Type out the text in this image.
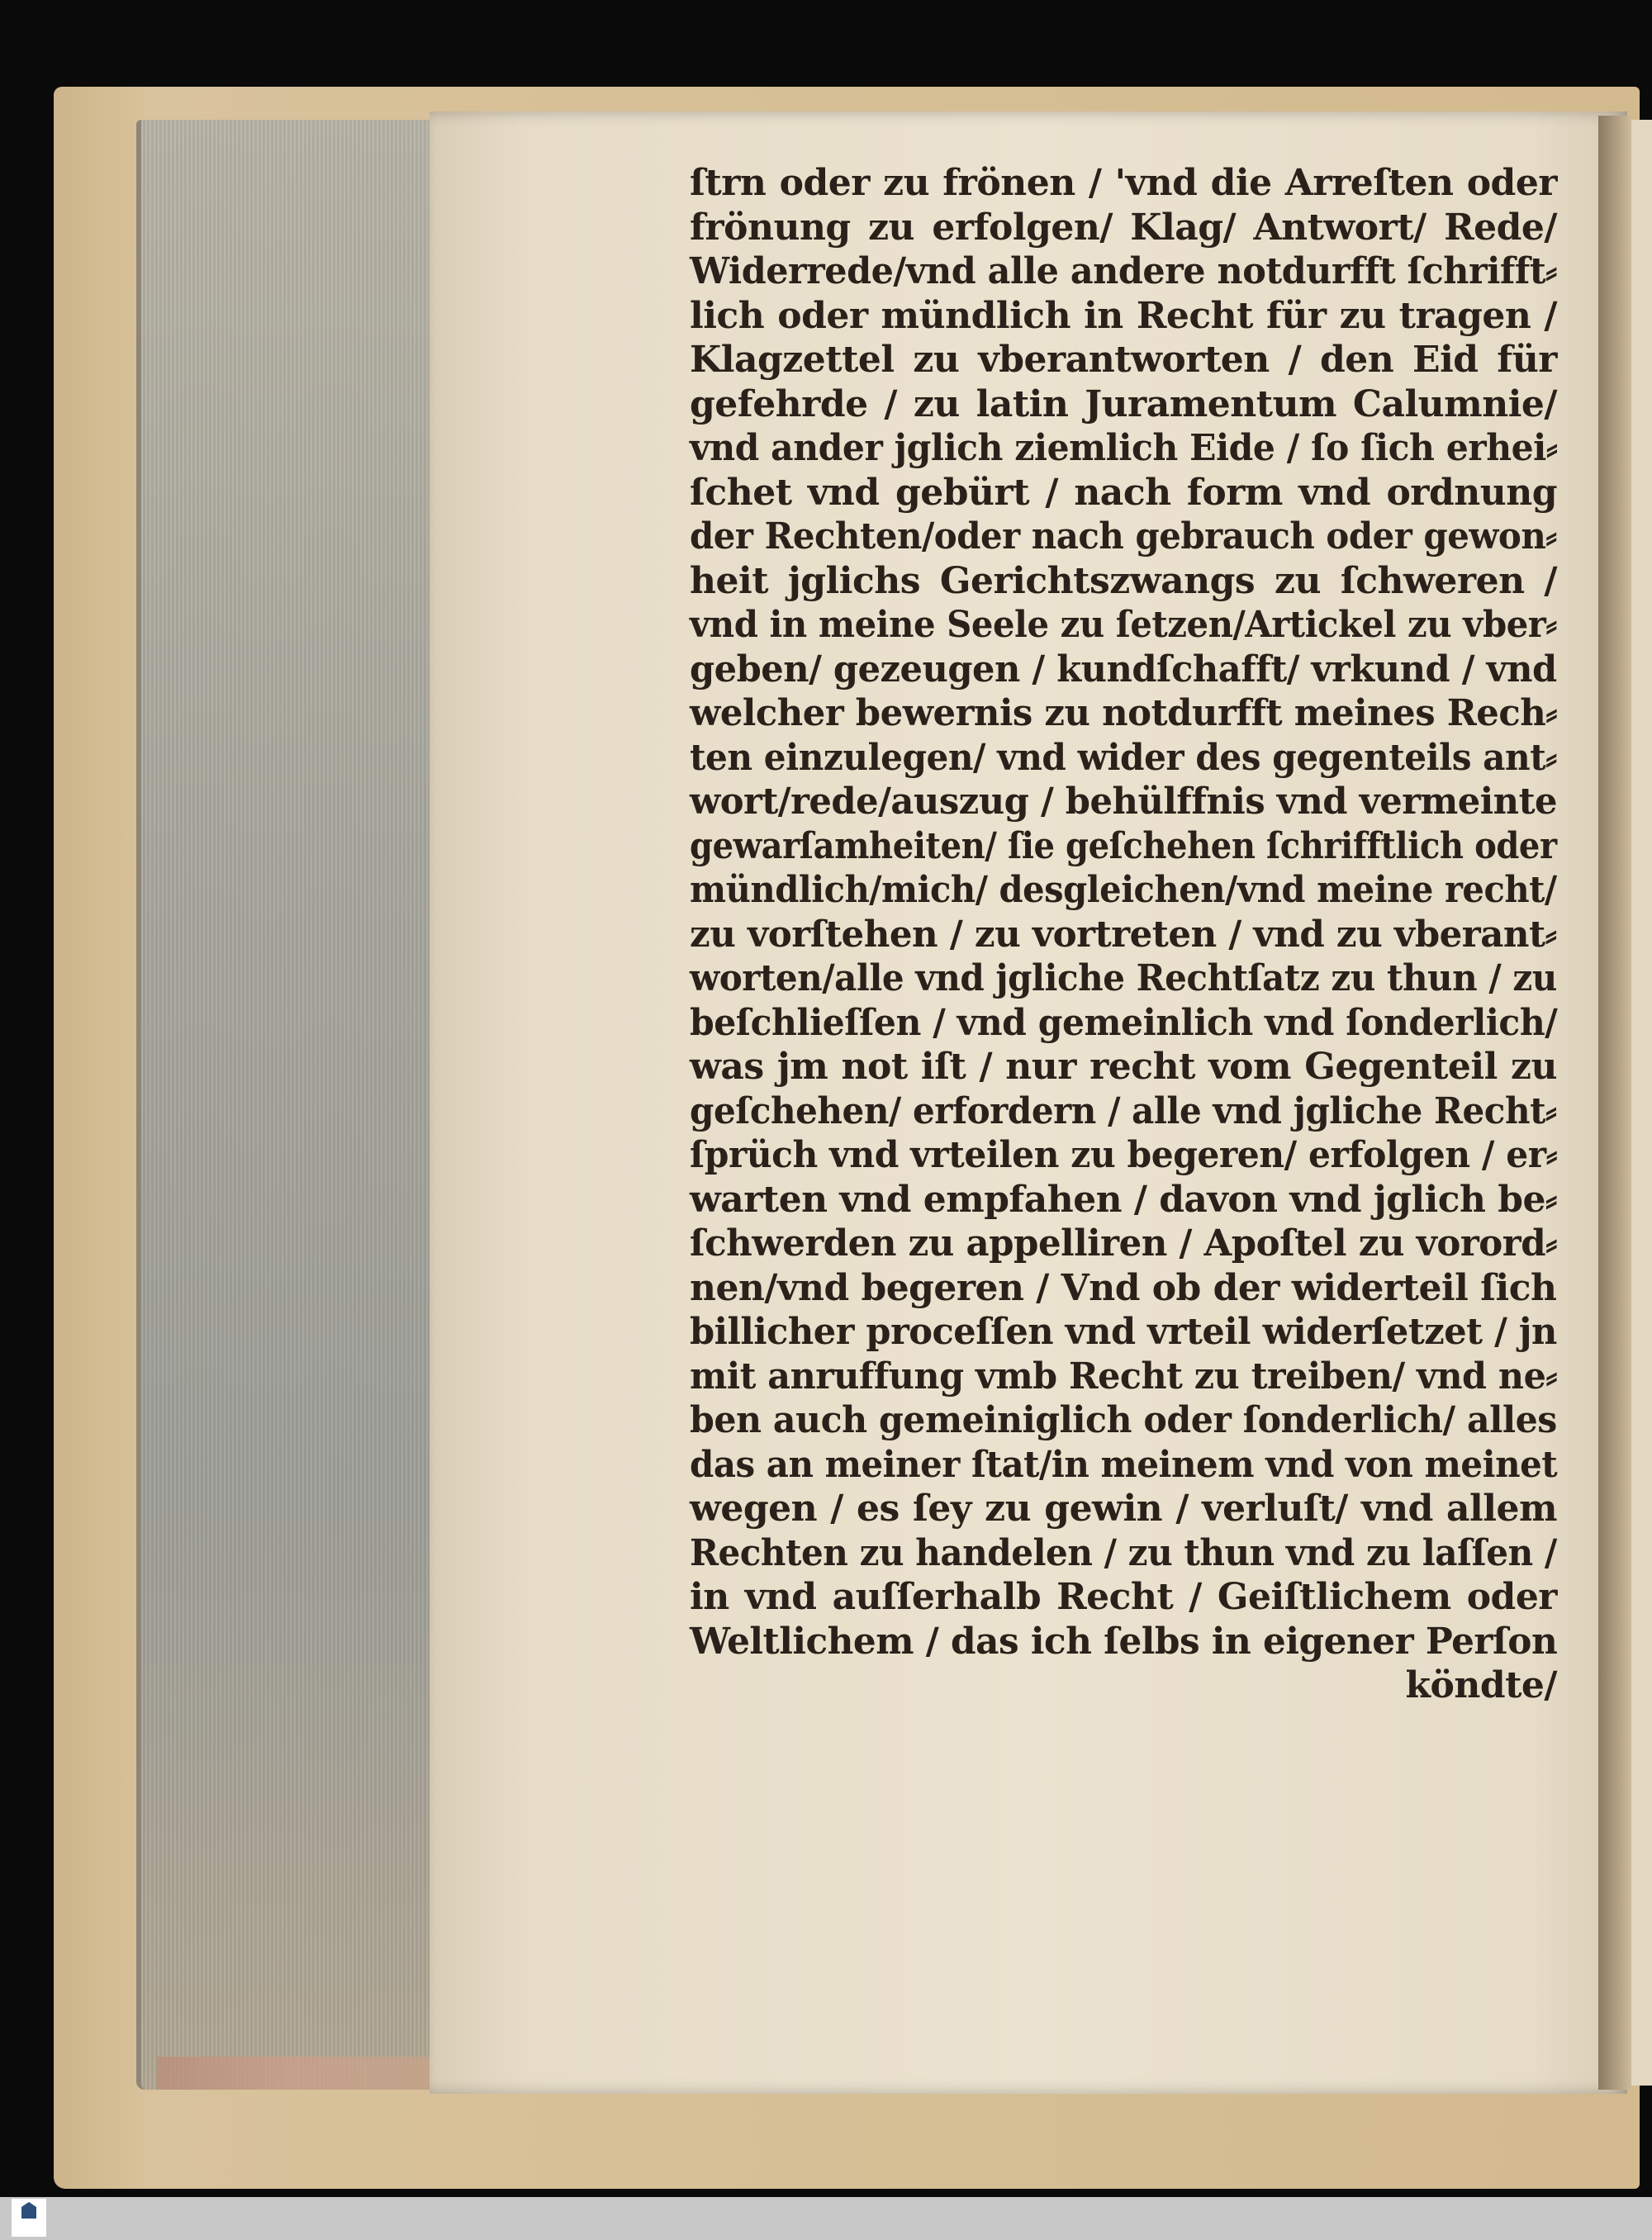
ſtrn oder zu frönen / 'vnd die Arreſten oder
frönung zu erfolgen/ Klag/ Antwort/ Rede/
Widerrede/vnd alle andere notdurfft ſchrifft⸗
lich oder mündlich in Recht für zu tragen /
Klagzettel zu vberantworten / den Eid für
gefehrde / zu latin Juramentum Calumnie/
vnd ander jglich ziemlich Eide / ſo ſich erhei⸗
ſchet vnd gebürt / nach form vnd ordnung
der Rechten/oder nach gebrauch oder gewon⸗
heit jglichs Gerichtszwangs zu ſchweren /
vnd in meine Seele zu ſetzen/Artickel zu vber⸗
geben/ gezeugen / kundſchafft/ vrkund / vnd
welcher bewernis zu notdurfft meines Rech⸗
ten einzulegen/ vnd wider des gegenteils ant⸗
wort/rede/auszug / behülffnis vnd vermeinte
gewarſamheiten/ ſie geſchehen ſchrifftlich oder
mündlich/mich/ desgleichen/vnd meine recht/
zu vorſtehen / zu vortreten / vnd zu vberant⸗
worten/alle vnd jgliche Rechtſatz zu thun / zu
beſchlieſſen / vnd gemeinlich vnd ſonderlich/
was jm not iſt / nur recht vom Gegenteil zu
geſchehen/ erfordern / alle vnd jgliche Recht⸗
ſprüch vnd vrteilen zu begeren/ erfolgen / er⸗
warten vnd empfahen / davon vnd jglich be⸗
ſchwerden zu appelliren / Apoſtel zu vorord⸗
nen/vnd begeren / Vnd ob der widerteil ſich
billicher proceſſen vnd vrteil widerſetzet / jn
mit anruffung vmb Recht zu treiben/ vnd ne⸗
ben auch gemeiniglich oder ſonderlich/ alles
das an meiner ſtat/in meinem vnd von meinet
wegen / es ſey zu gewin / verluſt/ vnd allem
Rechten zu handelen / zu thun vnd zu laſſen /
in vnd auſſerhalb Recht / Geiſtlichem oder
Weltlichem / das ich ſelbs in eigener Perſon
köndte/
